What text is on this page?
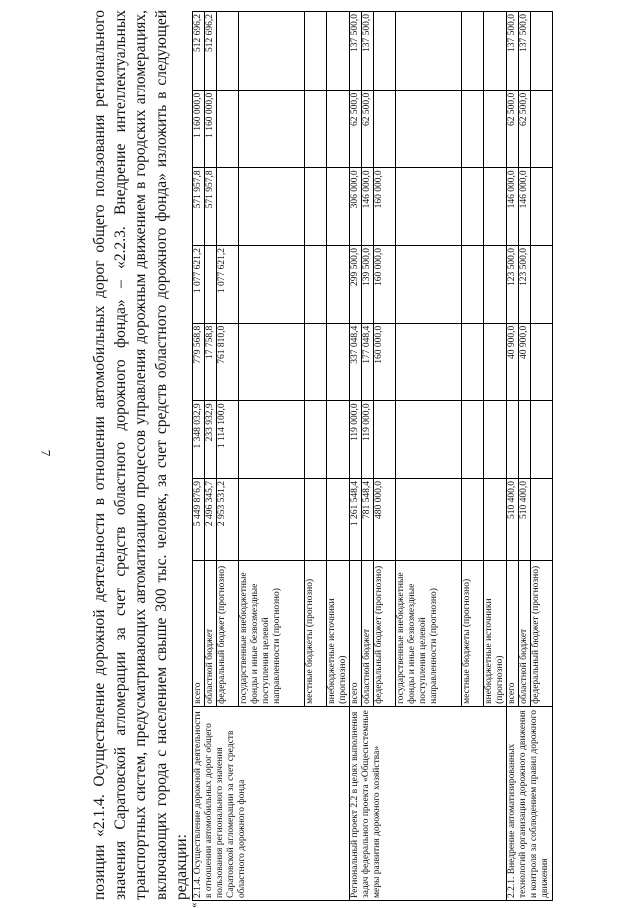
7 позиции «2.1.4. Осуществление дорожной деятельности в отношении автомобильных дорог общего пользования регионального значения Саратовской агломерации за счет средств областного дорожного фонда» – «2.2.3. Внедрение интеллектуальных транспортных систем, предусматривающих автоматизацию процессов управления дорожным движением в городских агломерациях, включающих города с населением свыше 300 тыс. человек, за счет средств областного дорожного фонда» изложить в следующей редакции:

«
2.1.4. Осуществление дорожной деятельности в отношении автомобильных дорог общего пользования регионального значения Саратовской агломерации за счет средств областного дорожного фонда	всего	5 449 876,9	1 348 032,9	779 568,8	1 077 621,2	571 957,8	1 160 000,0	512 696,2
	областной бюджет	2 496 345,7	233 932,9	17 758,8		571 957,8	1 160 000,0	512 696,2
	федеральный бюджет (прогнозно)	2 953 531,2	1 114 100,0	761 810,0	1 077 621,2			
	государственные внебюджетные фонды и иные безвозмездные поступления целевой направленности (прогнозно)							
	местные бюджеты (прогнозно)							
	внебюджетные источники (прогнозно)							

Региональный проект 2.2 в целях выполнения задач федерального проекта «Общесистемные меры развития дорожного хозяйства»	всего	1 261 548,4	119 000,0	337 048,4	299 500,0	306 000,0	62 500,0	137 500,0
	областной бюджет	781 548,4	119 000,0	177 048,4	139 500,0	146 000,0	62 500,0	137 500,0
	федеральный бюджет (прогнозно)	480 000,0		160 000,0	160 000,0	160 000,0		
	государственные внебюджетные фонды и иные безвозмездные поступления целевой направленности (прогнозно)							
	местные бюджеты (прогнозно)							
	внебюджетные источники (прогнозно)							

2.2.1. Внедрение автоматизированных технологий организации дорожного движения и контроля за соблюдением правил дорожного движения	всего	510 400,0		40 900,0	123 500,0	146 000,0	62 500,0	137 500,0
	областной бюджет	510 400,0		40 900,0	123 500,0	146 000,0	62 500,0	137 500,0
	федеральный бюджет (прогнозно)							
